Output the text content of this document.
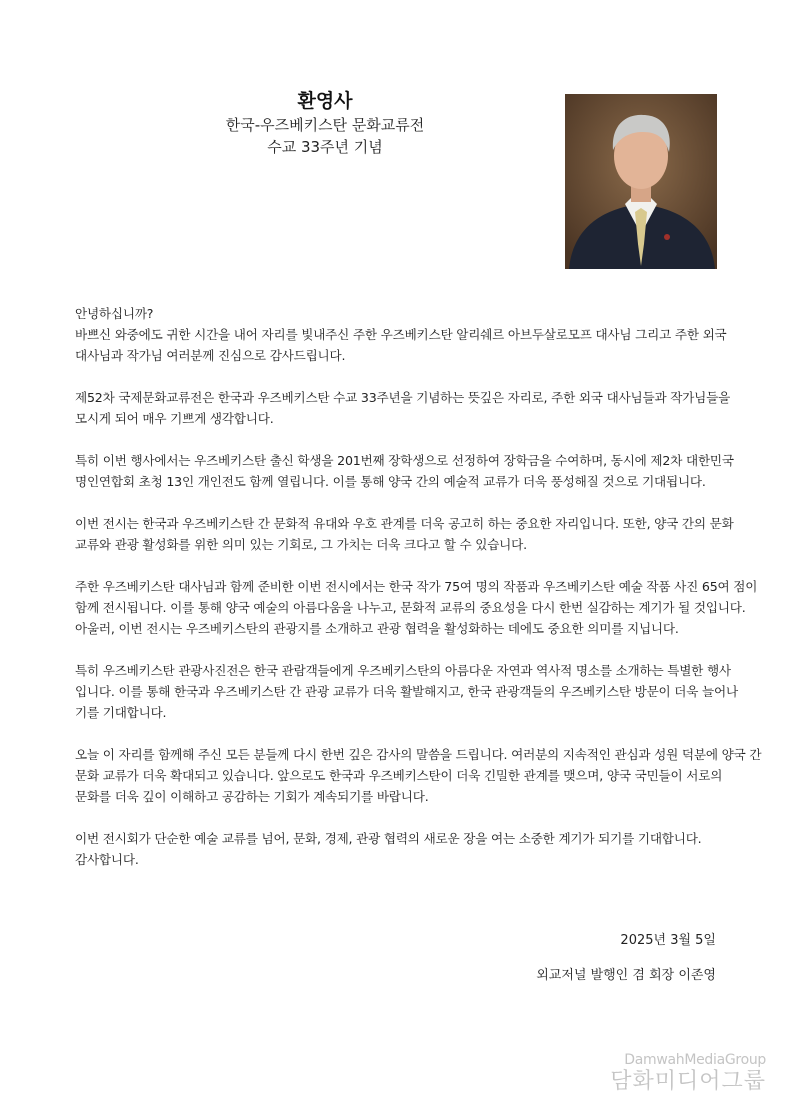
환영사
한국-우즈베키스탄 문화교류전
수교 33주년 기념
안녕하십니까?
바쁘신 와중에도 귀한 시간을 내어 자리를 빛내주신 주한 우즈베키스탄 알리쉐르 아브두살로모프 대사님 그리고 주한 외국
대사님과 작가님 여러분께 진심으로 감사드립니다.
제52차 국제문화교류전은 한국과 우즈베키스탄 수교 33주년을 기념하는 뜻깊은 자리로, 주한 외국 대사님들과 작가님들을
모시게 되어 매우 기쁘게 생각합니다.
특히 이번 행사에서는 우즈베키스탄 출신 학생을 201번째 장학생으로 선정하여 장학금을 수여하며, 동시에 제2차 대한민국
명인연합회 초청 13인 개인전도 함께 열립니다. 이를 통해 양국 간의 예술적 교류가 더욱 풍성해질 것으로 기대됩니다.
이번 전시는 한국과 우즈베키스탄 간 문화적 유대와 우호 관계를 더욱 공고히 하는 중요한 자리입니다. 또한, 양국 간의 문화
교류와 관광 활성화를 위한 의미 있는 기회로, 그 가치는 더욱 크다고 할 수 있습니다.
주한 우즈베키스탄 대사님과 함께 준비한 이번 전시에서는 한국 작가 75여 명의 작품과 우즈베키스탄 예술 작품 사진 65여 점이
함께 전시됩니다. 이를 통해 양국 예술의 아름다움을 나누고, 문화적 교류의 중요성을 다시 한번 실감하는 계기가 될 것입니다.
아울러, 이번 전시는 우즈베키스탄의 관광지를 소개하고 관광 협력을 활성화하는 데에도 중요한 의미를 지닙니다.
특히 우즈베키스탄 관광사진전은 한국 관람객들에게 우즈베키스탄의 아름다운 자연과 역사적 명소를 소개하는 특별한 행사
입니다. 이를 통해 한국과 우즈베키스탄 간 관광 교류가 더욱 활발해지고, 한국 관광객들의 우즈베키스탄 방문이 더욱 늘어나
기를 기대합니다.
오늘 이 자리를 함께해 주신 모든 분들께 다시 한번 깊은 감사의 말씀을 드립니다. 여러분의 지속적인 관심과 성원 덕분에 양국 간
문화 교류가 더욱 확대되고 있습니다. 앞으로도 한국과 우즈베키스탄이 더욱 긴밀한 관계를 맺으며, 양국 국민들이 서로의
문화를 더욱 깊이 이해하고 공감하는 기회가 계속되기를 바랍니다.
이번 전시회가 단순한 예술 교류를 넘어, 문화, 경제, 관광 협력의 새로운 장을 여는 소중한 계기가 되기를 기대합니다.
감사합니다.
2025년 3월 5일
외교저널 발행인 겸 회장 이존영
DamwahMediaGroup
담화미디어그룹
